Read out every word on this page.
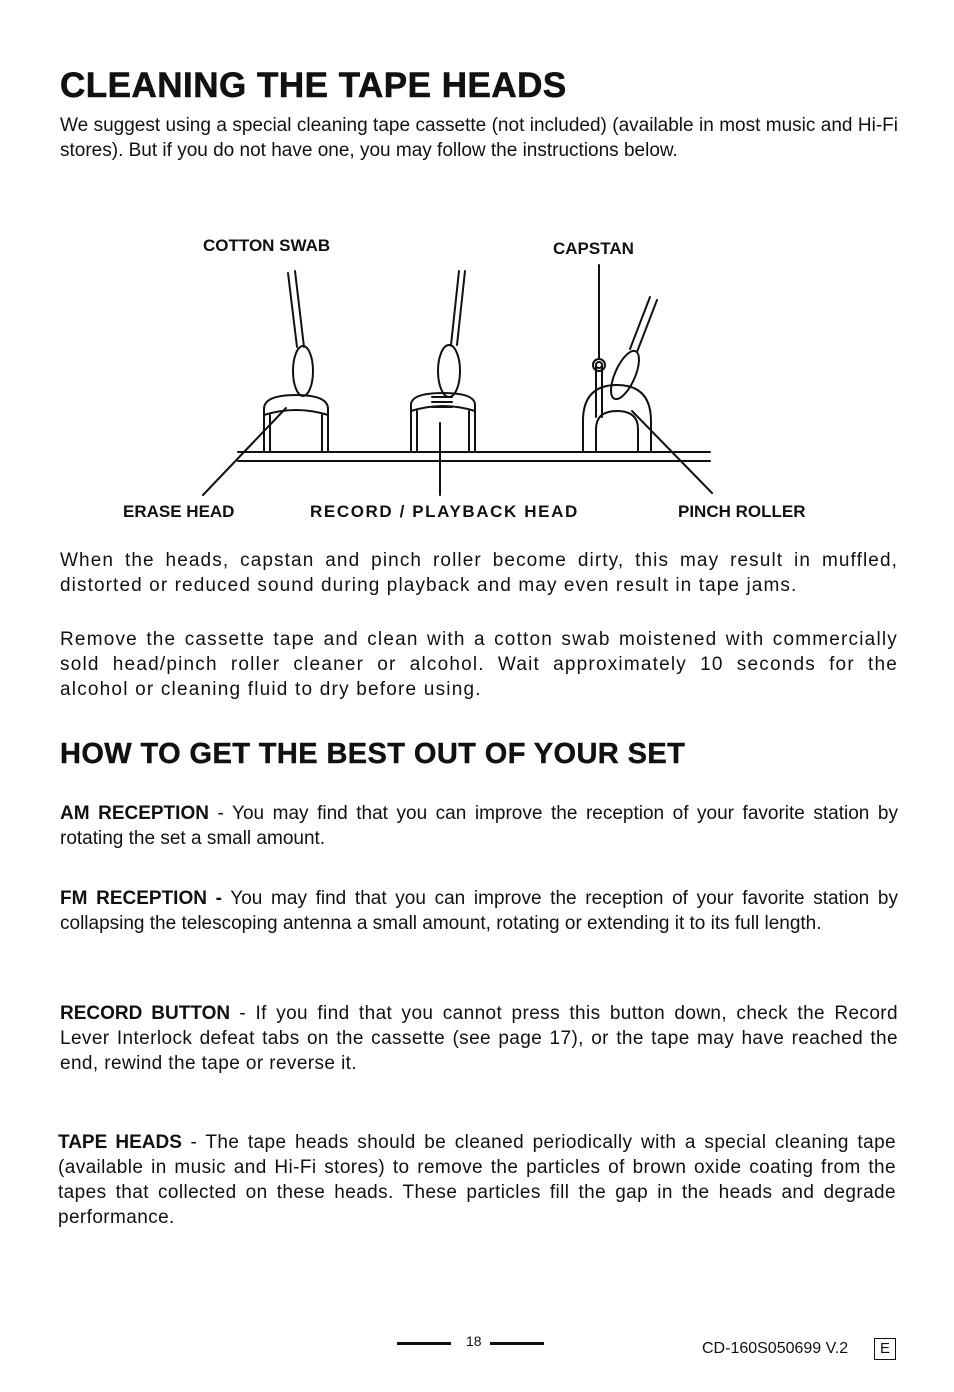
CLEANING THE TAPE HEADS

We suggest using a special cleaning tape cassette (not included) (available in most music and Hi-Fi stores). But if you do not have one, you may follow the instructions below.

COTTON SWAB	CAPSTAN
ERASE HEAD	RECORD / PLAYBACK HEAD	PINCH ROLLER

When the heads, capstan and pinch roller become dirty, this may result in muffled, distorted or reduced sound during playback and may even result in tape jams.

Remove the cassette tape and clean with a cotton swab moistened with commercially sold head/pinch roller cleaner or alcohol. Wait approximately 10 seconds for the alcohol or cleaning fluid to dry before using.

HOW TO GET THE BEST OUT OF YOUR SET

AM RECEPTION - You may find that you can improve the reception of your favorite station by rotating the set a small amount.

FM RECEPTION - You may find that you can improve the reception of your favorite station by collapsing the telescoping antenna a small amount, rotating or extending it to its full length.

RECORD BUTTON - If you find that you cannot press this button down, check the Record Lever Interlock defeat tabs on the cassette (see page 17), or the tape may have reached the end, rewind the tape or reverse it.

TAPE HEADS - The tape heads should be cleaned periodically with a special cleaning tape (available in music and Hi-Fi stores) to remove the particles of brown oxide coating from the tapes that collected on these heads. These particles fill the gap in the heads and degrade performance.

18	CD-160S050699 V.2	E
